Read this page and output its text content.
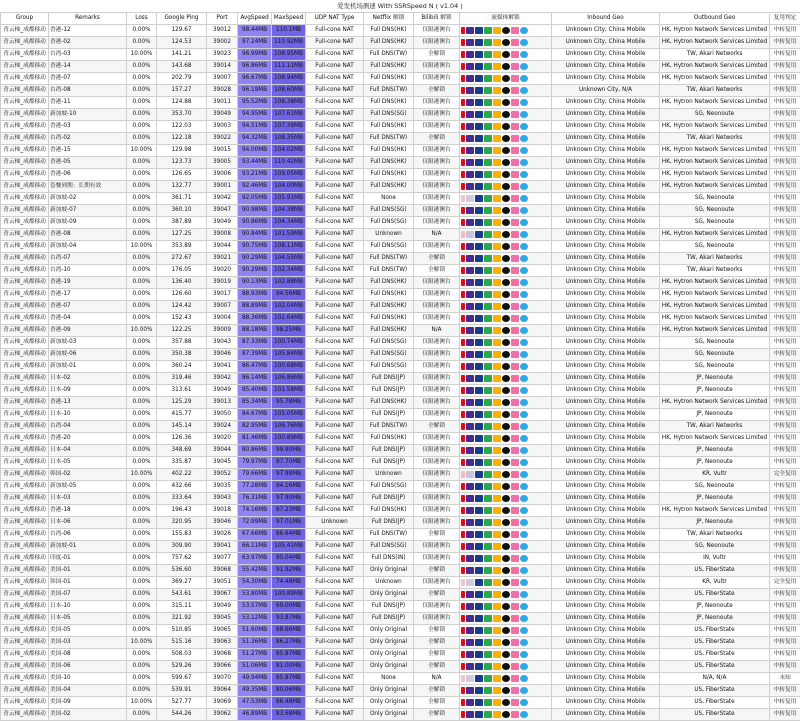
爱发机场测速 With SSRSpeed N ( v1.04 )
Group	Remarks	Loss	Google Ping	Port	AvgSpeed	MaxSpeed	UDP NAT Type	Netflix 解锁	Bilibili 解锁	流媒体解锁	Inbound Geo	Outbound Geo	复用判定
青云梯_成都移动	香港-12	0.00%	129.67	39012	98.44MB	110.1MB	Full-cone NAT	Full DNS(HK)	仅限港澳台		Unknown City, China Mobile	HK, Hytron Network Services Limited	中转复用
青云梯_成都移动	香港-02	0.00%	124.53	39002	97.24MB	110.92MB	Full-cone NAT	Full DNS(HK)	仅限港澳台		Unknown City, China Mobile	HK, Hytron Network Services Limited	中转复用
青云梯_成都移动	台湾-03	10.00%	141.21	39023	96.99MB	108.95MB	Full-cone NAT	Full DNS(TW)	全解锁		Unknown City, China Mobile	TW, Akari Networks	中转复用
青云梯_成都移动	香港-14	0.00%	143.68	39014	96.86MB	111.11MB	Full-cone NAT	Full DNS(HK)	仅限港澳台		Unknown City, China Mobile	HK, Hytron Network Services Limited	中转复用
青云梯_成都移动	香港-07	0.00%	202.79	39007	96.67MB	108.94MB	Full-cone NAT	Full DNS(HK)	仅限港澳台		Unknown City, China Mobile	HK, Hytron Network Services Limited	中转复用
青云梯_成都移动	台湾-08	0.00%	157.27	39028	96.19MB	108.60MB	Full-cone NAT	Full DNS(TW)	全解锁		Unknown City, N/A	TW, Akari Networks	中转复用
青云梯_成都移动	香港-11	0.00%	124.88	39011	95.52MB	108.38MB	Full-cone NAT	Full DNS(HK)	仅限港澳台		Unknown City, China Mobile	HK, Hytron Network Services Limited	中转复用
青云梯_成都移动	新加坡-10	0.00%	353.70	39049	94.95MB	107.61MB	Full-cone NAT	Full DNS(SG)	仅限港澳台		Unknown City, China Mobile	SG, Neonoute	中转复用
青云梯_成都移动	香港-03	0.00%	122.03	39003	94.51MB	107.39MB	Full-cone NAT	Full DNS(HK)	仅限港澳台		Unknown City, China Mobile	HK, Hytron Network Services Limited	中转复用
青云梯_成都移动	台湾-02	0.00%	122.18	39022	94.32MB	108.35MB	Full-cone NAT	Full DNS(TW)	全解锁		Unknown City, China Mobile	TW, Akari Networks	中转复用
青云梯_成都移动	香港-15	10.00%	129.98	39015	94.00MB	104.02MB	Full-cone NAT	Full DNS(HK)	仅限港澳台		Unknown City, China Mobile	HK, Hytron Network Services Limited	中转复用
青云梯_成都移动	香港-05	0.00%	123.73	39005	93.44MB	110.42MB	Full-cone NAT	Full DNS(HK)	仅限港澳台		Unknown City, China Mobile	HK, Hytron Network Services Limited	中转复用
青云梯_成都移动	香港-06	0.00%	126.65	39006	93.21MB	109.05MB	Full-cone NAT	Full DNS(HK)	仅限港澳台		Unknown City, China Mobile	HK, Hytron Network Services Limited	中转复用
青云梯_成都移动	套餐到期：长期有效	0.00%	132.77	39001	92.46MB	104.00MB	Full-cone NAT	Full DNS(HK)	仅限港澳台		Unknown City, China Mobile	HK, Hytron Network Services Limited	中转复用
青云梯_成都移动	新加坡-02	0.00%	361.71	39042	92.05MB	105.91MB	Full-cone NAT	None	仅限港澳台		Unknown City, China Mobile	SG, Neonoute	中转复用
青云梯_成都移动	新加坡-07	0.00%	360.10	39047	90.98MB	104.38MB	Full-cone NAT	Full DNS(SG)	仅限港澳台		Unknown City, China Mobile	SG, Neonoute	中转复用
青云梯_成都移动	新加坡-09	0.00%	387.89	39049	90.86MB	104.34MB	Full-cone NAT	Full DNS(SG)	仅限港澳台		Unknown City, China Mobile	SG, Neonoute	中转复用
青云梯_成都移动	香港-08	0.00%	127.25	39008	90.84MB	101.59MB	Full-cone NAT	Unknown	N/A		Unknown City, China Mobile	HK, Hytron Network Services Limited	中转复用
青云梯_成都移动	新加坡-04	10.00%	353.89	39044	90.75MB	108.11MB	Full-cone NAT	Full DNS(SG)	仅限港澳台		Unknown City, China Mobile	SG, Neonoute	中转复用
青云梯_成都移动	台湾-07	0.00%	272.67	39021	90.29MB	104.55MB	Full-cone NAT	Full DNS(TW)	全解锁		Unknown City, China Mobile	TW, Akari Networks	中转复用
青云梯_成都移动	台湾-10	0.00%	176.05	39020	90.29MB	102.34MB	Full-cone NAT	Full DNS(TW)	全解锁		Unknown City, China Mobile	TW, Akari Networks	中转复用
青云梯_成都移动	香港-19	0.00%	136.40	39019	90.13MB	102.88MB	Full-cone NAT	Full DNS(HK)	仅限港澳台		Unknown City, China Mobile	HK, Hytron Network Services Limited	中转复用
青云梯_成都移动	香港-17	0.00%	126.60	39017	88.93MB	94.56MB	Full-cone NAT	Full DNS(HK)	仅限港澳台		Unknown City, China Mobile	HK, Hytron Network Services Limited	中转复用
青云梯_成都移动	香港-07	0.00%	124.42	39007	88.89MB	102.04MB	Full-cone NAT	Full DNS(HK)	仅限港澳台		Unknown City, China Mobile	HK, Hytron Network Services Limited	中转复用
青云梯_成都移动	香港-04	0.00%	152.43	39004	88.36MB	102.64MB	Full-cone NAT	Full DNS(HK)	仅限港澳台		Unknown City, China Mobile	HK, Hytron Network Services Limited	中转复用
青云梯_成都移动	香港-09	10.00%	122.25	39009	88.18MB	98.25MB	Full-cone NAT	Full DNS(HK)	N/A		Unknown City, China Mobile	HK, Hytron Network Services Limited	中转复用
青云梯_成都移动	新加坡-03	0.00%	357.88	39043	87.33MB	100.74MB	Full-cone NAT	Full DNS(SG)	仅限港澳台		Unknown City, China Mobile	SG, Neonoute	中转复用
青云梯_成都移动	新加坡-06	0.00%	350.38	39046	87.39MB	105.84MB	Full-cone NAT	Full DNS(SG)	仅限港澳台		Unknown City, China Mobile	SG, Neonoute	中转复用
青云梯_成都移动	新加坡-01	0.00%	360.24	39041	86.47MB	100.68MB	Full-cone NAT	Full DNS(SG)	仅限港澳台		Unknown City, China Mobile	SG, Neonoute	中转复用
青云梯_成都移动	日本-02	0.00%	319.46	39042	86.14MB	106.86MB	Full-cone NAT	Full DNS(JP)	仅限港澳台		Unknown City, China Mobile	JP, Neonoute	中转复用
青云梯_成都移动	日本-09	0.00%	313.61	39049	85.40MB	101.58MB	Full-cone NAT	Full DNS(JP)	仅限港澳台		Unknown City, China Mobile	JP, Neonoute	中转复用
青云梯_成都移动	香港-13	0.00%	125.29	39013	85.34MB	95.78MB	Full-cone NAT	Full DNS(HK)	仅限港澳台		Unknown City, China Mobile	HK, Hytron Network Services Limited	中转复用
青云梯_成都移动	日本-10	0.00%	415.77	39050	84.67MB	105.05MB	Full-cone NAT	Full DNS(JP)	仅限港澳台		Unknown City, China Mobile	JP, Neonoute	中转复用
青云梯_成都移动	台湾-04	0.00%	145.14	39024	82.95MB	106.76MB	Full-cone NAT	Full DNS(TW)	全解锁		Unknown City, China Mobile	TW, Akari Networks	中转复用
青云梯_成都移动	香港-20	0.00%	126.36	39020	81.46MB	100.89MB	Full-cone NAT	Full DNS(HK)	仅限港澳台		Unknown City, China Mobile	HK, Hytron Network Services Limited	中转复用
青云梯_成都移动	日本-04	0.00%	348.69	39044	80.86MB	99.90MB	Full-cone NAT	Full DNS(JP)	仅限港澳台		Unknown City, China Mobile	JP, Neonoute	中转复用
青云梯_成都移动	日本-05	0.00%	335.87	39045	79.97MB	97.70MB	Full-cone NAT	Full DNS(JP)	仅限港澳台		Unknown City, China Mobile	JP, Neonoute	中转复用
青云梯_成都移动	韩国-02	10.00%	402.22	39052	79.66MB	97.99MB	Full-cone NAT	Unknown	仅限港澳台		Unknown City, China Mobile	KR, Vultr	完全复用
青云梯_成都移动	新加坡-05	0.00%	432.66	39035	77.28MB	94.16MB	Full-cone NAT	Full DNS(SG)	仅限港澳台		Unknown City, China Mobile	SG, Neonoute	中转复用
青云梯_成都移动	日本-03	0.00%	333.64	39043	76.31MB	97.90MB	Full-cone NAT	Full DNS(JP)	仅限港澳台		Unknown City, China Mobile	JP, Neonoute	中转复用
青云梯_成都移动	香港-18	0.00%	196.43	39018	74.16MB	87.23MB	Full-cone NAT	Full DNS(HK)	仅限港澳台		Unknown City, China Mobile	HK, Hytron Network Services Limited	中转复用
青云梯_成都移动	日本-06	0.00%	320.95	39046	72.99MB	97.01MB	Unknown	Full DNS(JP)	仅限港澳台		Unknown City, China Mobile	JP, Neonoute	中转复用
青云梯_成都移动	台湾-06	0.00%	155.83	39026	67.66MB	86.64MB	Full-cone NAT	Full DNS(TW)	全解锁		Unknown City, China Mobile	TW, Akari Networks	中转复用
青云梯_成都移动	新加坡-01	0.00%	309.90	39041	66.11MB	105.41MB	Full-cone NAT	Full DNS(SG)	仅限港澳台		Unknown City, China Mobile	SG, Neonoute	中转复用
青云梯_成都移动	印度-01	0.00%	757.62	39077	63.97MB	95.04MB	Full-cone NAT	Full DNS(IN)	仅限港澳台		Unknown City, China Mobile	IN, Vultr	中转复用
青云梯_成都移动	美国-01	0.00%	536.60	39068	55.42MB	91.92MB	Full-cone NAT	Only Original	全解锁		Unknown City, China Mobile	US, FiberState	中转复用
青云梯_成都移动	韩国-01	0.00%	369.27	39051	54.30MB	74.48MB	Full-cone NAT	Unknown	仅限港澳台		Unknown City, China Mobile	KR, Vultr	完全复用
青云梯_成都移动	美国-07	0.00%	543.61	39067	53.80MB	100.89MB	Full-cone NAT	Only Original	全解锁		Unknown City, China Mobile	US, FiberState	中转复用
青云梯_成都移动	日本-10	0.00%	315.11	39049	53.57MB	69.00MB	Full-cone NAT	Full DNS(JP)	仅限港澳台		Unknown City, China Mobile	JP, Neonoute	中转复用
青云梯_成都移动	日本-05	0.00%	321.92	39045	53.12MB	93.87MB	Full-cone NAT	Full DNS(JP)	仅限港澳台		Unknown City, China Mobile	JP, Neonoute	中转复用
青云梯_成都移动	美国-05	0.00%	510.85	39065	51.60MB	88.66MB	Full-cone NAT	Only Original	全解锁		Unknown City, China Mobile	US, FiberState	中转复用
青云梯_成都移动	美国-03	10.00%	515.16	39063	51.36MB	86.27MB	Full-cone NAT	Only Original	全解锁		Unknown City, China Mobile	US, FiberState	中转复用
青云梯_成都移动	美国-08	0.00%	508.03	39068	51.27MB	85.87MB	Full-cone NAT	Only Original	全解锁		Unknown City, China Mobile	US, FiberState	中转复用
青云梯_成都移动	美国-06	0.00%	529.26	39066	51.06MB	81.00MB	Full-cone NAT	Only Original	全解锁		Unknown City, China Mobile	US, FiberState	中转复用
青云梯_成都移动	美国-10	0.00%	599.67	39070	49.94MB	85.87MB	Full-cone NAT	None	N/A		Unknown City, China Mobile	N/A, N/A	未知
青云梯_成都移动	美国-04	0.00%	539.91	39064	49.35MB	80.06MB	Full-cone NAT	Only Original	全解锁		Unknown City, China Mobile	US, FiberState	中转复用
青云梯_成都移动	美国-09	10.00%	527.77	39069	47.53MB	86.48MB	Full-cone NAT	Only Original	全解锁		Unknown City, China Mobile	US, FiberState	中转复用
青云梯_成都移动	美国-02	0.00%	544.26	39062	46.89MB	83.68MB	Full-cone NAT	Only Original	全解锁		Unknown City, China Mobile	US, FiberState	中转复用
